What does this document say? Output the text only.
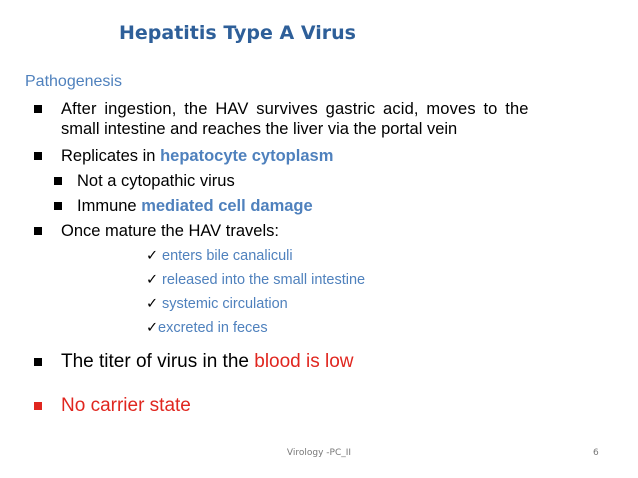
Hepatitis Type A Virus
Pathogenesis
After ingestion, the HAV survives gastric acid, moves to the
small intestine and reaches the liver via the portal vein
Replicates in hepatocyte cytoplasm
Not a cytopathic virus
Immune mediated cell damage
Once mature the HAV travels:
✓ enters bile canaliculi
✓ released into the small intestine
✓ systemic circulation
✓excreted in feces
The titer of virus in the blood is low
No carrier state
Virology -PC_II	6
